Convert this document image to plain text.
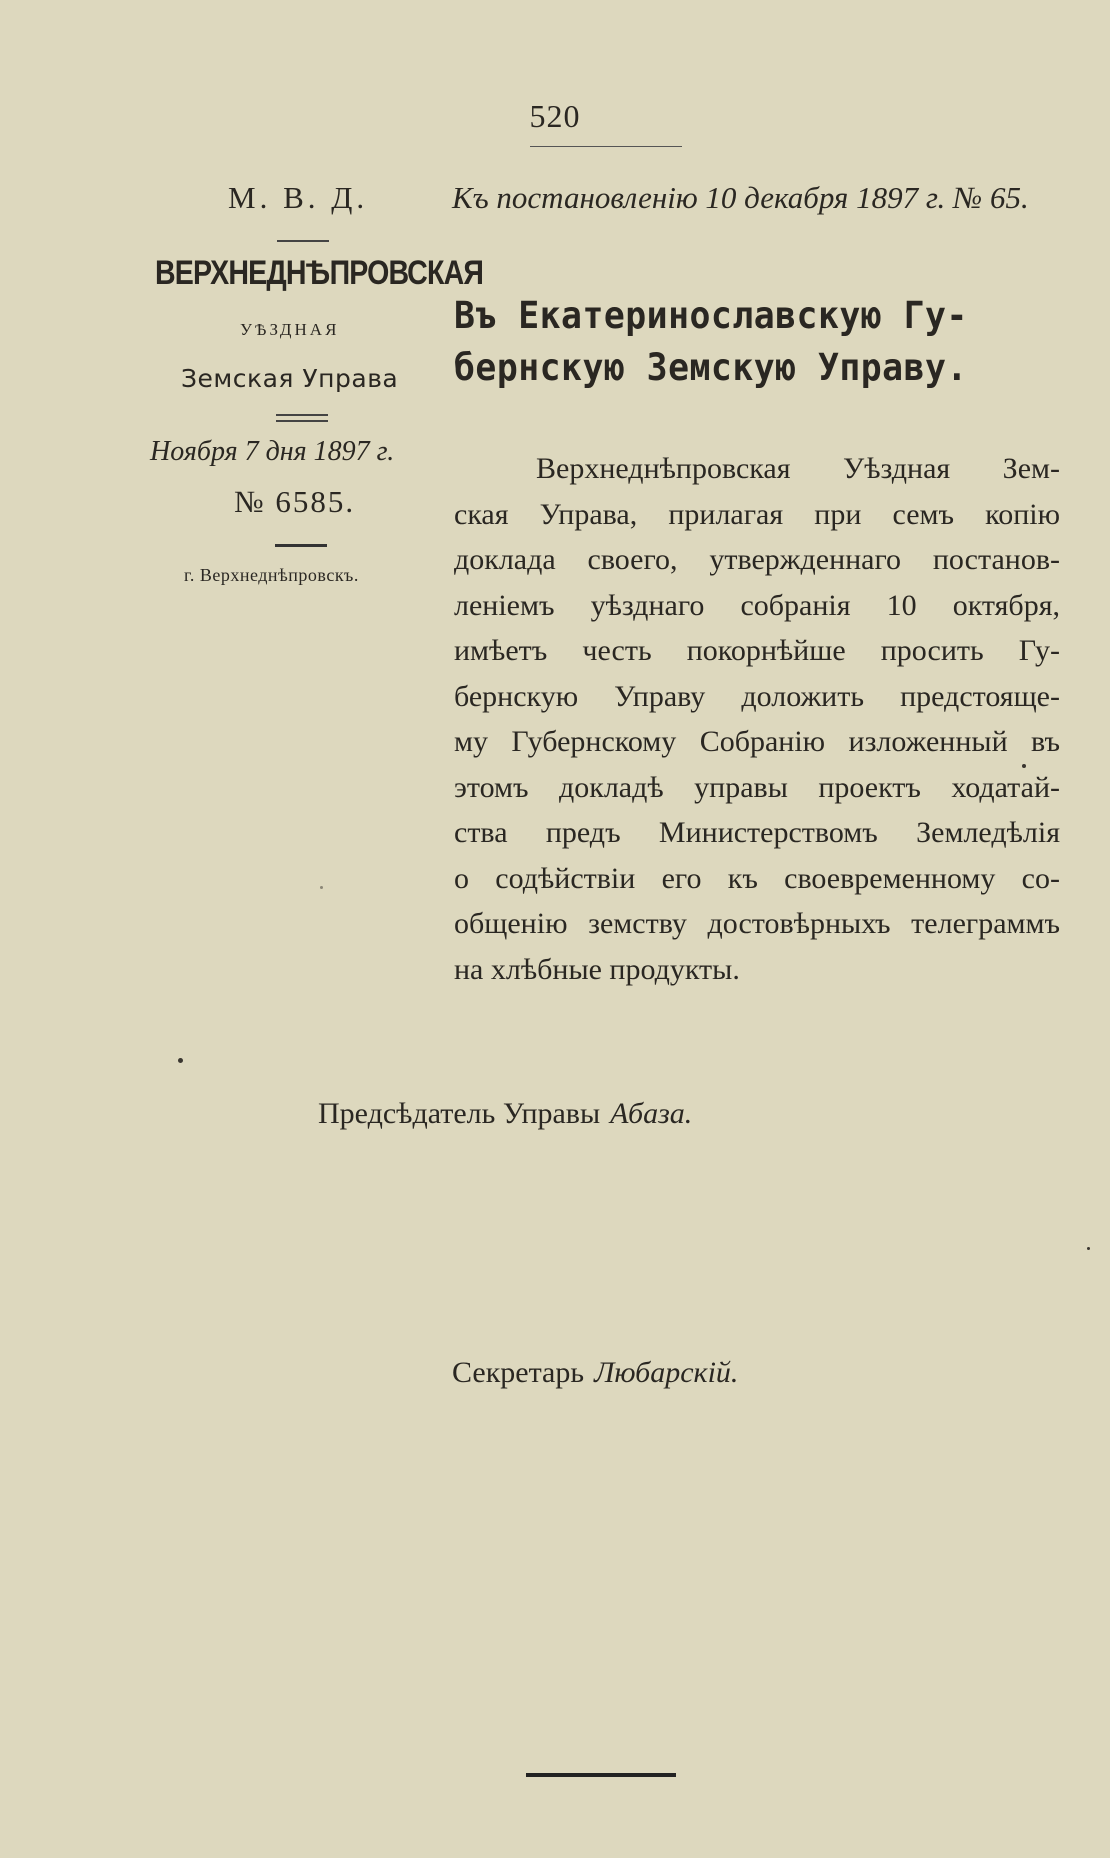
520
М. В. Д.	Къ постановленію 10 декабря 1897 г. № 65.
ВЕРХНЕДНѢПРОВСКАЯ
УѢЗДНАЯ
Земская Управа
Ноября 7 дня 1897 г.
№ 6585.
г. Верхнеднѣпровскъ.
Въ Екатеринославскую Гу-
бернскую Земскую Управу.
Верхнеднѣпровская Уѣздная Зем-
ская Управа, прилагая при семъ копію
доклада своего, утвержденнаго постанов-
леніемъ уѣзднаго собранія 10 октября,
имѣетъ честь покорнѣйше просить Гу-
бернскую Управу доложить предстояще-
му Губернскому Собранію изложенный въ
этомъ докладѣ управы проектъ ходатай-
ства предъ Министерствомъ Земледѣлія
о содѣйствіи его къ своевременному со-
общенію земству достовѣрныхъ телеграммъ
на хлѣбные продукты.
Предсѣдатель Управы Абаза.
Секретарь Любарскій.
